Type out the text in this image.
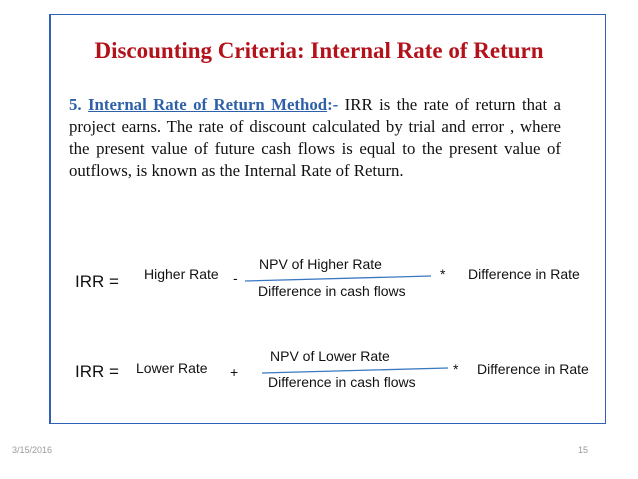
Discounting Criteria: Internal Rate of Return
5. Internal Rate of Return Method:- IRR is the rate of return that a project earns. The rate of discount calculated by trial and error , where the present value of future cash flows is equal to the present value of outflows, is known as the Internal Rate of Return.
IRR = Higher Rate -
NPV of Higher Rate
Difference in cash flows
* Difference in Rate
IRR = Lower Rate +
NPV of Lower Rate
Difference in cash flows
* Difference in Rate
3/15/2016	15
